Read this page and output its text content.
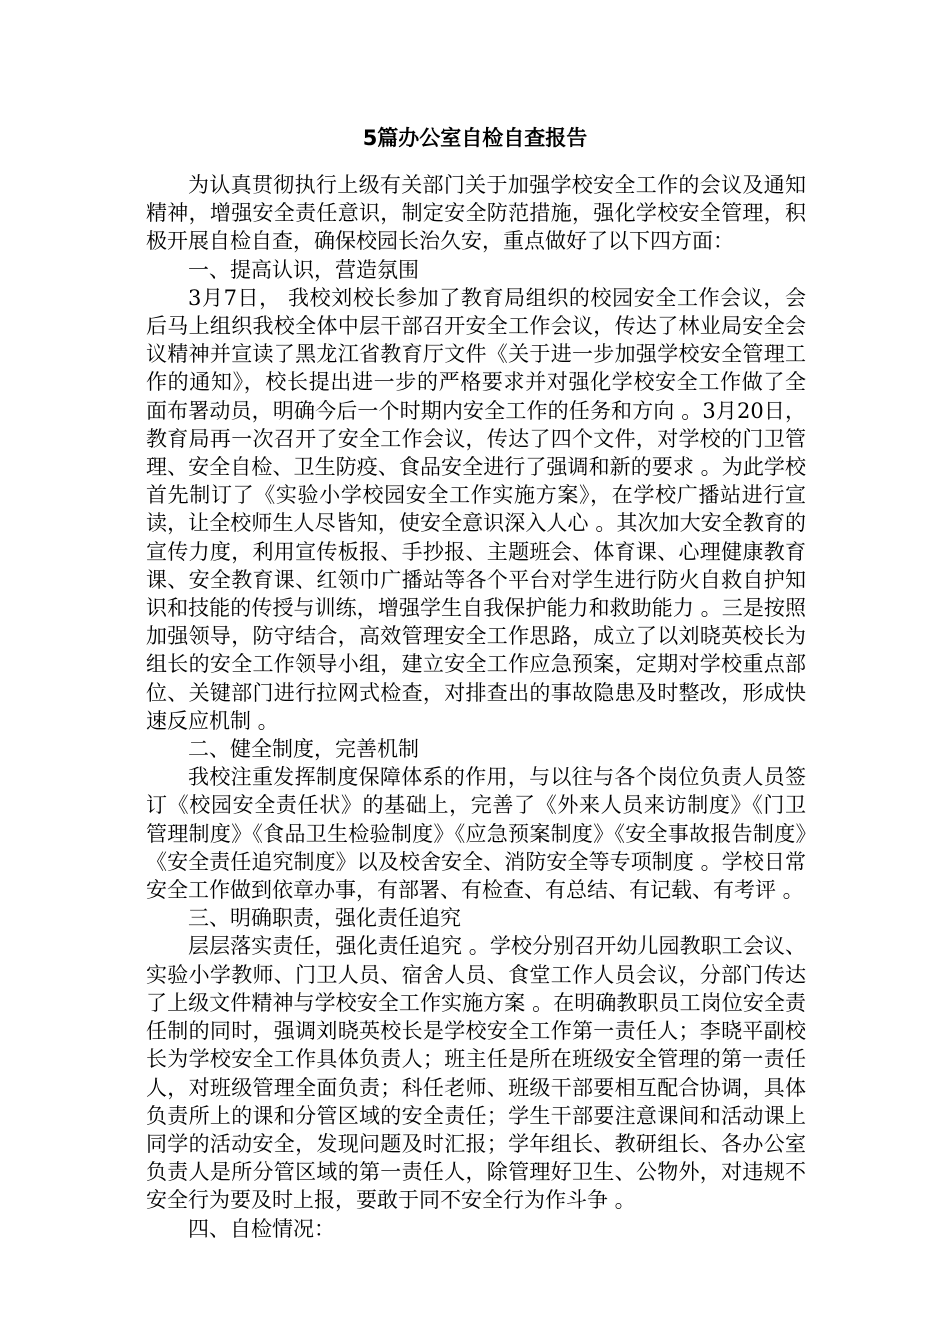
5篇办公室自检自查报告

为认真贯彻执行上级有关部门关于加强学校安全工作的会议及通知精神，增强安全责任意识，制定安全防范措施，强化学校安全管理，积极开展自检自查，确保校园长治久安，重点做好了以下四方面：

一、提高认识，营造氛围

3月7日， 我校刘校长参加了教育局组织的校园安全工作会议，会后马上组织我校全体中层干部召开安全工作会议，传达了林业局安全会议精神并宣读了黑龙江省教育厅文件《关于进一步加强学校安全管理工作的通知》，校长提出进一步的严格要求并对强化学校安全工作做了全面布署动员，明确今后一个时期内安全工作的任务和方向 。3月20日，教育局再一次召开了安全工作会议，传达了四个文件，对学校的门卫管理、安全自检、卫生防疫、食品安全进行了强调和新的要求 。为此学校首先制订了《实验小学校园安全工作实施方案》，在学校广播站进行宣读，让全校师生人尽皆知，使安全意识深入人心 。其次加大安全教育的宣传力度，利用宣传板报、手抄报、主题班会、体育课、心理健康教育课、安全教育课、红领巾广播站等各个平台对学生进行防火自救自护知识和技能的传授与训练，增强学生自我保护能力和救助能力 。三是按照加强领导，防守结合，高效管理安全工作思路，成立了以刘晓英校长为组长的安全工作领导小组，建立安全工作应急预案，定期对学校重点部位、关键部门进行拉网式检查，对排查出的事故隐患及时整改，形成快速反应机制 。

二、健全制度，完善机制

我校注重发挥制度保障体系的作用，与以往与各个岗位负责人员签订《校园安全责任状》的基础上，完善了《外来人员来访制度》《门卫管理制度》《食品卫生检验制度》《应急预案制度》《安全事故报告制度》《安全责任追究制度》以及校舍安全、消防安全等专项制度 。学校日常安全工作做到依章办事，有部署、有检查、有总结、有记载、有考评 。

三、明确职责，强化责任追究

层层落实责任，强化责任追究 。学校分别召开幼儿园教职工会议、实验小学教师、门卫人员、宿舍人员、食堂工作人员会议，分部门传达了上级文件精神与学校安全工作实施方案 。在明确教职员工岗位安全责任制的同时，强调刘晓英校长是学校安全工作第一责任人；李晓平副校长为学校安全工作具体负责人；班主任是所在班级安全管理的第一责任人，对班级管理全面负责；科任老师、班级干部要相互配合协调，具体负责所上的课和分管区域的安全责任；学生干部要注意课间和活动课上同学的活动安全，发现问题及时汇报；学年组长、教研组长、各办公室负责人是所分管区域的第一责任人，除管理好卫生、公物外，对违规不安全行为要及时上报，要敢于同不安全行为作斗争 。

四、自检情况：
